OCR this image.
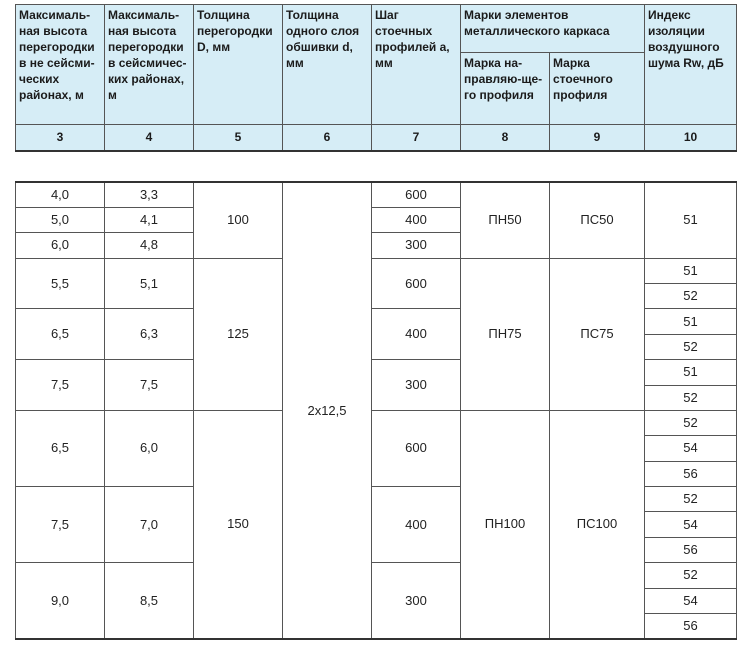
Максималь-ная высота перегородки в не сейсми-ческих районах, м	Максималь-ная высота перегородки в сейсмичес-ких районах, м	Толщина перегородки D, мм	Толщина одного слоя обшивки d, мм	Шаг стоечных профилей а, мм	Марки элементов металлического каркаса		Индекс изоляции воздушного шума Rw, дБ
					Марка на-правляю-ще-го профиля	Марка стоечного профиля	
3	4	5	6	7	8	9	10
4,0	3,3	100	2x12,5	600	ПН50	ПС50	51
5,0	4,1			400			
6,0	4,8			300			
5,5	5,1	125		600	ПН75	ПС75	51
							52
6,5	6,3			400			51
							52
7,5	7,5			300			51
							52
6,5	6,0	150		600	ПН100	ПС100	52
							54
							56
7,5	7,0			400			52
							54
							56
9,0	8,5			300			52
							54
							56
